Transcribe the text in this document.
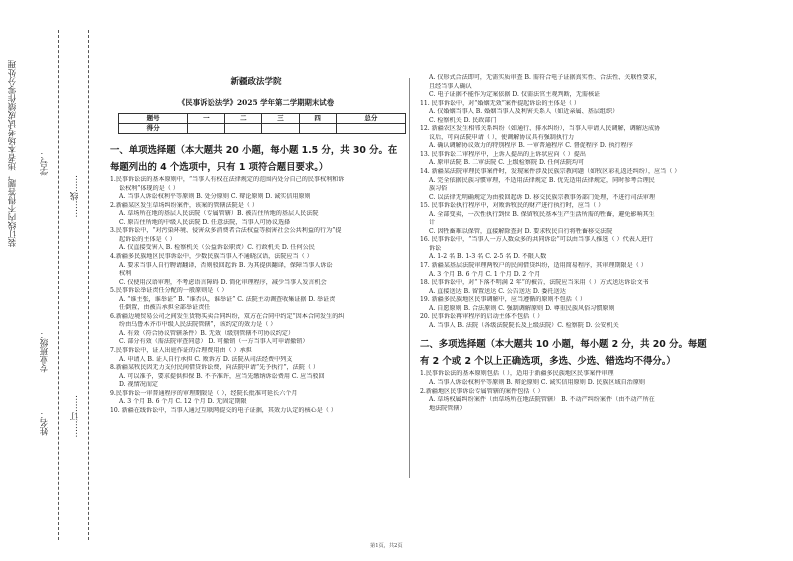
装订线内不得答题，违者本场考试成绩作零分处理
姓名：
学号：
专业班级：
……线……
……订……
新疆政法学院
《民事诉讼法学》2025 学年第二学期期末试卷
题号	一	二	三	四	总分
得分					
一、单项选择题（本大题共 20 小题，每小题 1.5 分，共 30 分。在
每题列出的 4 个选项中，只有 1 项符合题目要求。）
1.民事诉讼法的基本原则中，“当事人有权在法律规定的范围内处分自己的民事权利和诉
讼权利”体现的是（ ）
A. 当事人诉讼权利平等原则 B. 处分原则 C. 辩论原则 D. 诚实信用原则
2.新疆某区发生草场纠纷案件，该案的管辖法院是（ ）
A. 草场所在地的基层人民法院（专属管辖）B. 被告住所地的基层人民法院
C. 原告住所地的中级人民法院 D. 任意法院，当事人可协议选择
3.民事诉讼中，“对污染环境、侵害众多消费者合法权益等损害社会公共利益的行为”提
起诉讼的主体是（ ）
A. 仅直接受害人 B. 检察机关（公益诉讼职责）C. 行政机关 D. 任何公民
4.新疆多民族地区民事诉讼中，少数民族当事人不通晓汉语，法院应当（ ）
A. 要求当事人自行聘请翻译，否则驳回起诉 B. 为其提供翻译，保障当事人诉讼
权利
C. 仅使用汉语审理，不考虑语言障碍 D. 简化审理程序，减少当事人发言机会
5.民事诉讼举证责任分配的一般原则是（ ）
A. “谁主张，谁举证” B. “谁否认，谁举证” C. 法院主动调查收集证据 D. 举证责
任倒置，由被告承担全部举证责任
6.新疆边境贸易公司之间发生货物买卖合同纠纷，双方在合同中约定“因本合同发生的纠
纷由乌鲁木齐市中级人民法院管辖”，该约定的效力是（ ）
A. 有效（符合协议管辖条件）B. 无效（级别管辖不可协议约定）
C. 部分有效（需法院审查同意） D. 可撤销（一方当事人可申请撤销）
7.民事诉讼中，证人出庭作证的合理费用由（ ）承担
A. 申请人 B. 证人自行承担 C. 败诉方 D. 法院从司法经费中列支
8.新疆某牧民因无力支付民间借贷诉讼费，向法院申请“先予执行”，法院（ ）
A. 可以准予，要求提供担保 B. 不予准许，应当先缴纳诉讼费用 C. 应当驳回
D. 视情况而定
9.民事诉讼一审普通程序的审理期限是（ ），经院长批准可延长六个月
A. 3 个月 B. 6 个月 C. 12 个月 D. 无固定期限
10. 新疆在线诉讼中，当事人通过互联网提交的电子证据，其效力认定的核心是（ ）
A. 仅形式合法即可，无需实质审查 B. 需符合电子证据真实性、合法性、关联性要求，
且经当事人确认
C. 电子证据不能作为定案依据 D. 仅需法官主观判断，无需核证
11. 民事诉讼中，对“婚姻无效”案件提起诉讼的主体是（ ）
A. 仅婚姻当事人 B. 婚姻当事人及利害关系人（如近亲属、基层组织）
C. 检察机关 D. 民政部门
12. 新疆农区发生相邻关系纠纷（如通行、排水纠纷），当事人申请人民调解，调解达成协
议后，可向法院申请（ ），使调解协议具有强制执行力
A. 确认调解协议效力的特别程序 B. 一审普通程序 C. 督促程序 D. 执行程序
13. 民事诉讼二审程序中，上诉人提出的上诉状应向（ ）提出
A. 原审法院 B. 二审法院 C. 上级检察院 D. 任何法院均可
14. 新疆某法院审理民事案件时，发现案件涉及民族宗教问题（如牧区彩礼返还纠纷），应当（ ）
A. 完全依据民族习惯审理，不适用法律规定 B. 优先适用法律规定，同时参考合理民
族习俗
C. 以法律无明确规定为由驳回起诉 D. 移交民族宗教事务部门处理，不进行司法审理
15. 民事诉讼执行程序中，对败诉牧民的财产进行执行时，应当（ ）
A. 全部变卖，一次性执行到位 B. 保留牧民基本生产生活所需的牲畜，避免影响其生
计
C. 因牲畜难以保管，直接解除查封 D. 要求牧民自行将牲畜移交法院
16. 民事诉讼中，“当事人一方人数众多的共同诉讼”可以由当事人推选（ ）代表人进行
诉讼
A. 1-2 名 B. 1-3 名 C. 2-5 名 D. 不限人数
17. 新疆某基层法院审理两牧户的民间借贷纠纷，适用简易程序，其审理期限是（ ）
A. 3 个月 B. 6 个月 C. 1 个月 D. 2 个月
18. 民事诉讼中，对“下落不明满 2 年”的被告，法院应当采用（ ）方式送达诉讼文书
A. 直接送达 B. 留置送达 C. 公告送达 D. 委托送达
19. 新疆多民族地区民事调解中，应当遵循的原则不包括（ ）
A. 自愿原则 B. 合法原则 C. 强制调解原则 D. 尊重民族风俗习惯原则
20. 民事诉讼再审程序的启动主体不包括（ ）
A. 当事人 B. 法院（各级法院院长及上级法院）C. 检察院 D. 公安机关
二、多项选择题（本大题共 10 小题，每小题 2 分，共 20 分。每题
有 2 个或 2 个以上正确选项，多选、少选、错选均不得分。）
1.民事诉讼法的基本原则包括（ ），适用于新疆多民族地区民事案件审理
A. 当事人诉讼权利平等原则 B. 辩论原则 C. 诚实信用原则 D. 民族区域自治原则
2.新疆地区民事诉讼专属管辖的案件包括（ ）
A. 草场权属纠纷案件（由草场所在地法院管辖） B. 不动产纠纷案件（由不动产所在
地法院管辖）
第1页，共2页
